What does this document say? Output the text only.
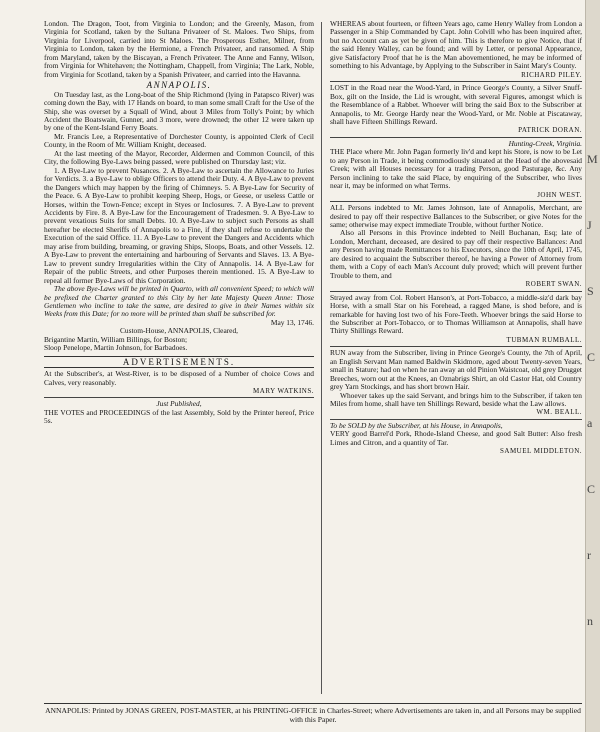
London. The Dragon, Toot, from Virginia to London; and the Greenly, Mason, from Virginia for Scotland, taken by the Sultana Privateer of St. Maloes. Two Ships, from Virginia for Liverpool, carried into St Maloes. The Prosperous Esther, Milner, from Virginia to London, taken by the Hermione, a French Privateer, and ransomed. A Ship from Maryland, taken by the Biscayan, a French Privateer. The Anne and Fanny, Wilson, from Virginia for Whitehaven; the Nottingham, Chappell, from Virginia; The Lark, Noble, from Virginia for Scotland, taken by a Spanish Privateer, and carried into the Havanna.

ANNAPOLIS.

On Tuesday last, as the Long-boat of the Ship Richmond (lying in Patapsco River) was coming down the Bay, with 17 Hands on board, to man some small Craft for the Use of the Ship, she was overset by a Squall of Wind, about 3 Miles from Tolly's Point; by which Accident the Boatswain, Gunner, and 3 more, were drowned; the other 12 were taken up by one of the Kent-Island Ferry Boats.

Mr. Francis Lee, a Representative of Dorchester County, is appointed Clerk of Cecil County, in the Room of Mr. William Knight, deceased.

At the last meeting of the Mayor, Recorder, Aldermen and Common Council, of this City, the following Bye-Laws being passed, were published on Thursday last; viz.

1. A Bye-Law to prevent Nusances. 2. A Bye-Law to ascertain the Allowance to Juries for Verdicts. 3. a Bye-Law to oblige Officers to attend their Duty. 4. A Bye-Law to prevent the Dangers which may happen by the firing of Chimneys. 5. A Bye-Law for Security of the Peace. 6. A Bye-Law to prohibit keeping Sheep, Hogs, or Geese, or useless Cattle or Horses, within the Town-Fence; except in Styes or Inclosures. 7. A Bye-Law to prevent Accidents by Fire. 8. A Bye-Law for the Encouragement of Tradesmen. 9. A Bye-Law to prevent vexatious Suits for small Debts. 10. A Bye-Law to subject such Persons as shall hereafter be elected Sheriffs of Annapolis to a Fine, if they shall refuse to undertake the Execution of the said Office. 11. A Bye-Law to prevent the Dangers and Accidents which may arise from building, breaming, or graving Ships, Sloops, Boats, and other Vessels. 12. A Bye-Law to prevent the entertaining and harbouring of Servants and Slaves. 13. A Bye-Law to prevent sundry Irregularities within the City of Annapolis. 14. A Bye-Law for Repair of the public Streets, and other Purposes therein mentioned. 15. A Bye-Law to repeal all former Bye-Laws of this Corporation.

The above Bye-Laws will be printed in Quarto, with all convenient Speed; to which will be prefixed the Charter granted to this City by her late Majesty Queen Anne: Those Gentlemen who incline to take the same, are desired to give in their Names within six Weeks from this Date; for no more will be printed than shall be subscribed for.

May 13, 1746.

Custom-House, ANNAPOLIS, Cleared,

Brigantine Martin, William Billings, for Boston;

Sloop Penelope, Martin Johnson, for Barbadoes.

ADVERTISEMENTS.

At the Subscriber's, at West-River, is to be disposed of a Number of choice Cows and Calves, very reasonably.

MARY WATKINS.

Just Published,

THE VOTES and PROCEEDINGS of the last Assembly, Sold by the Printer hereof, Price 5s.

WHEREAS about fourteen, or fifteen Years ago, came Henry Walley from London a Passenger in a Ship Commanded by Capt. John Colvill who has been inquired after, but no Account can as yet be given of him. This is therefore to give Notice, that if the said Henry Walley, can be found; and will by Letter, or personal Appearance, give Satisfactory Proof that he is the Man abovementioned, he may be informed of something to his Advantage, by Applying to the Subscriber in Saint Mary's County.

RICHARD PILEY.

LOST in the Road near the Wood-Yard, in Prince George's County, a Silver Snuff-Box, gilt on the Inside, the Lid is wrought, with several Figures, amongst which is the Resemblance of a Rabbet. Whoever will bring the said Box to the Subscriber at Annapolis, to Mr. George Hardy near the Wood-Yard, or Mr. Noble at Piscataway, shall have Fifteen Shillings Reward.

PATRICK DORAN.

Hunting-Creek, Virginia.

THE Place where Mr. John Pagan formerly liv'd and kept his Store, is now to be Let to any Person in Trade, it being commodiously situated at the Head of the abovesaid Creek; with all Houses necessary for a trading Person, good Pasturage, &c. Any Person inclining to take the said Place, by enquiring of the Subscriber, who lives near it, may be informed on what Terms.

JOHN WEST.

ALL Persons indebted to Mr. James Johnson, late of Annapolis, Merchant, are desired to pay off their respective Ballances to the Subscriber, or give Notes for the same; otherwise may expect immediate Trouble, without further Notice.

Also all Persons in this Province indebted to Neill Buchanan, Esq; late of London, Merchant, deceased, are desired to pay off their respective Ballances: And any Person having made Remittances to his Executors, since the 10th of April, 1745, are desired to acquaint the Subscriber thereof, he having a Power of Attorney from them, with a Copy of each Man's Account duly proved; which will prevent further Trouble to them, and

ROBERT SWAN.

Strayed away from Col. Robert Hanson's, at Port-Tobacco, a middle-siz'd dark bay Horse, with a small Star on his Forehead, a ragged Mane, is shod before, and is remarkable for having lost two of his Fore-Teeth. Whoever brings the said Horse to the Subscriber at Port-Tobacco, or to Thomas Williamson at Annapolis, shall have Thirty Shillings Reward.

TUBMAN RUMBALL.

RUN away from the Subscriber, living in Prince George's County, the 7th of April, an English Servant Man named Baldwin Skidmore, aged about Twenty-seven Years, small in Stature; had on when he ran away an old Pinion Waistcoat, old grey Drugget Breeches, worn out at the Knees, an Oznabrigs Shirt, an old Castor Hat, old Country grey Yarn Stockings, and has short brown Hair.

Whoever takes up the said Servant, and brings him to the Subscriber, if taken ten Miles from home, shall have ten Shillings Reward, beside what the Law allows.

WM. BEALL.

To be SOLD by the Subscriber, at his House, in Annapolis,

VERY good Barrel'd Pork, Rhode-Island Cheese, and good Salt Butter: Also fresh Limes and Citron, and a quantity of Tar.

SAMUEL MIDDLETON.

ANNAPOLIS: Printed by JONAS GREEN, POST-MASTER, at his PRINTING-OFFICE in Charles-Street; where Advertisements are taken in, and all Persons may be supplied with this Paper.

M

J

S

C

a

C

r

n
